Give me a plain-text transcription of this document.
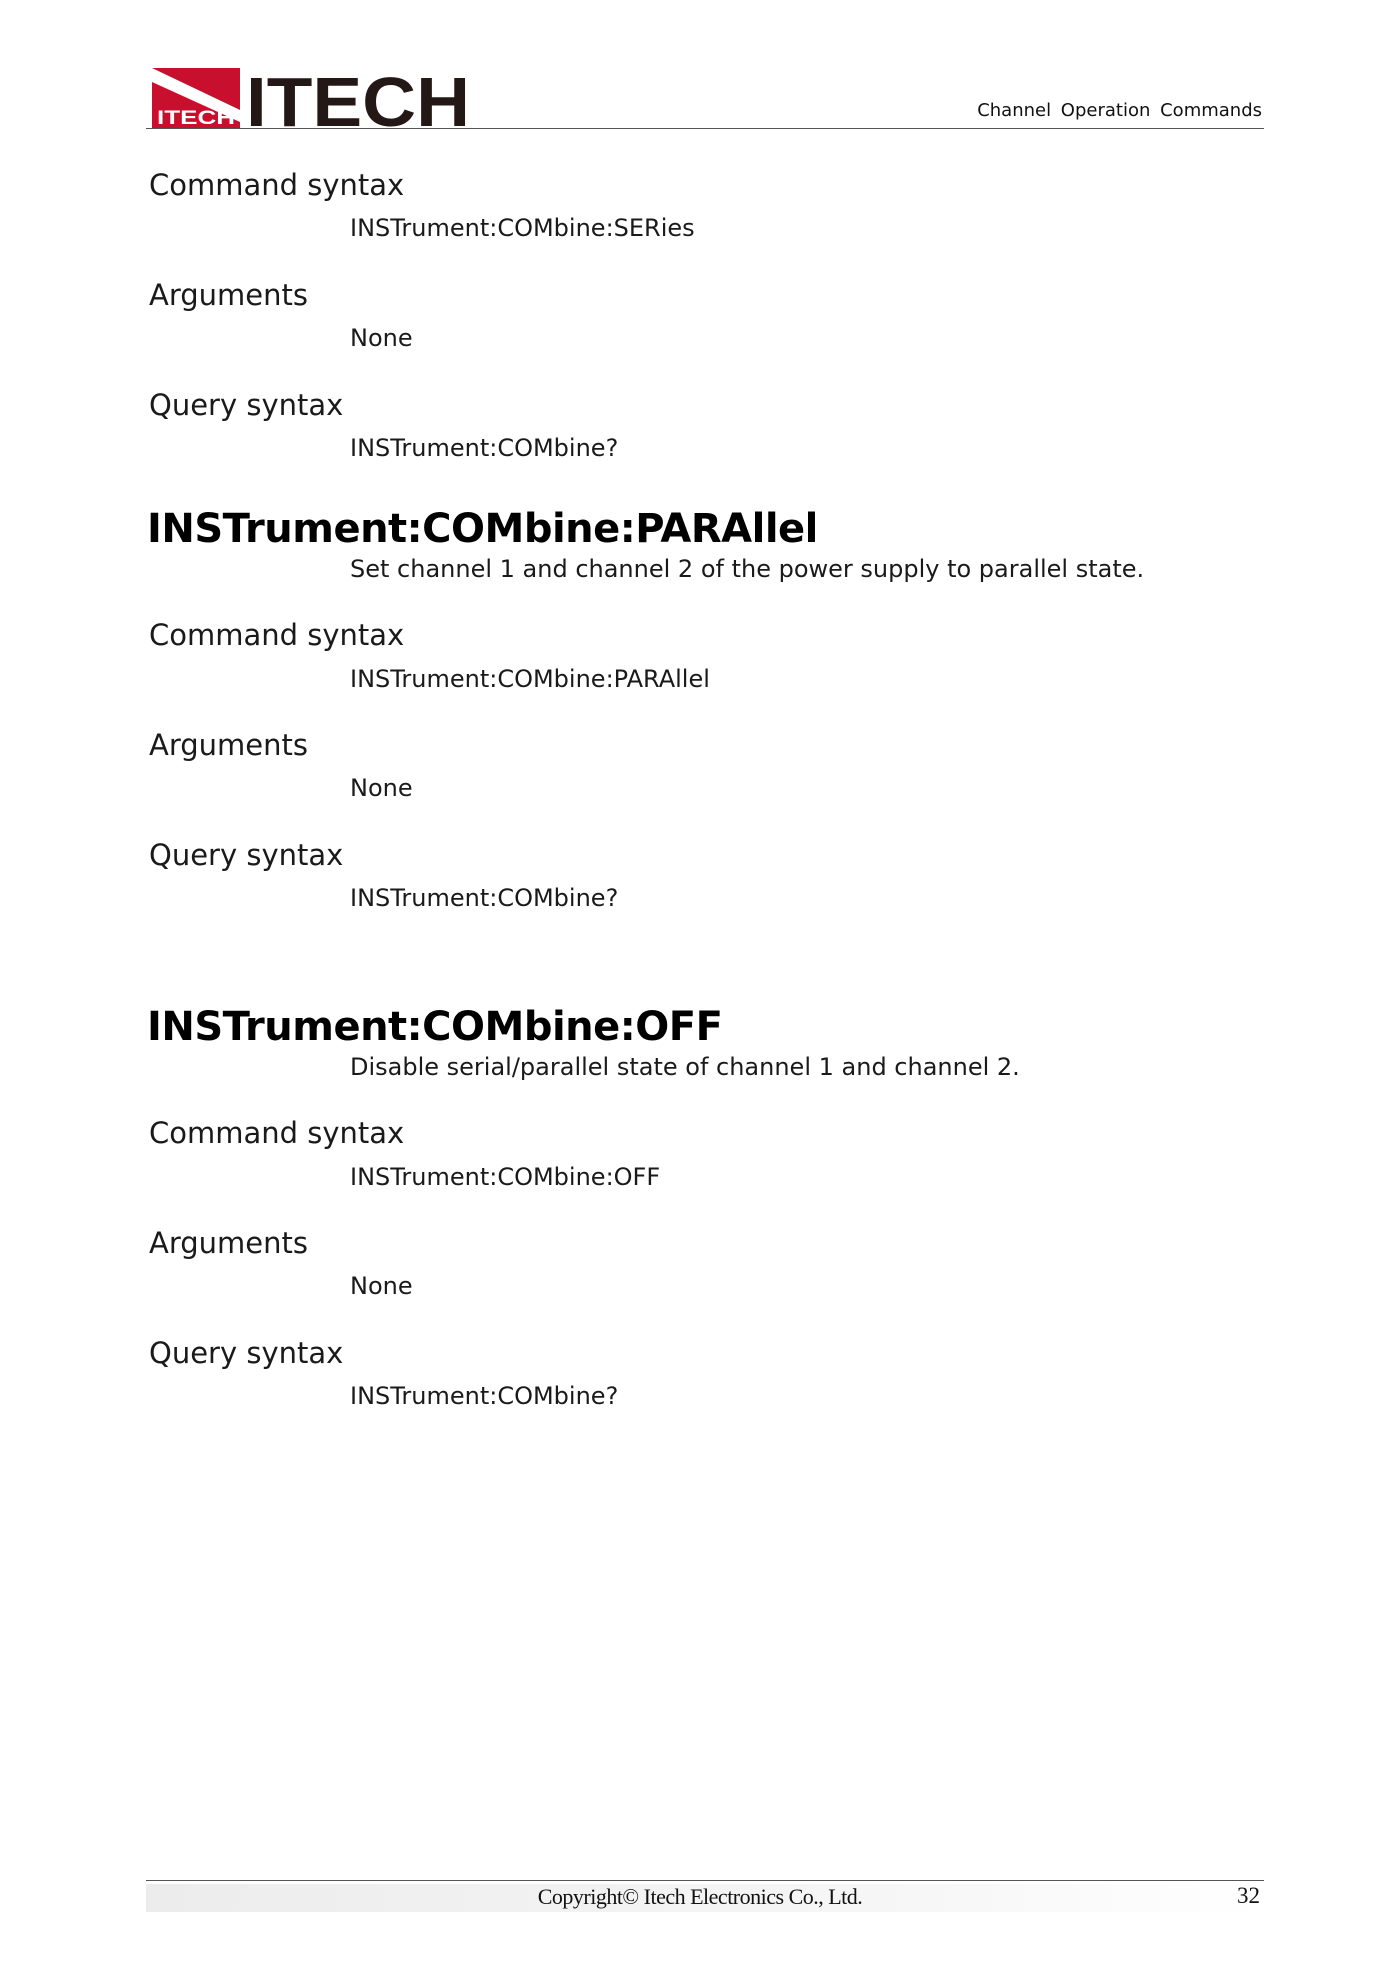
ITECH ITECH	Channel Operation Commands
Command syntax
INSTrument:COMbine:SERies
Arguments
None
Query syntax
INSTrument:COMbine?
INSTrument:COMbine:PARAllel
Set channel 1 and channel 2 of the power supply to parallel state.
Command syntax
INSTrument:COMbine:PARAllel
Arguments
None
Query syntax
INSTrument:COMbine?
INSTrument:COMbine:OFF
Disable serial/parallel state of channel 1 and channel 2.
Command syntax
INSTrument:COMbine:OFF
Arguments
None
Query syntax
INSTrument:COMbine?
Copyright© Itech Electronics Co., Ltd.	32
